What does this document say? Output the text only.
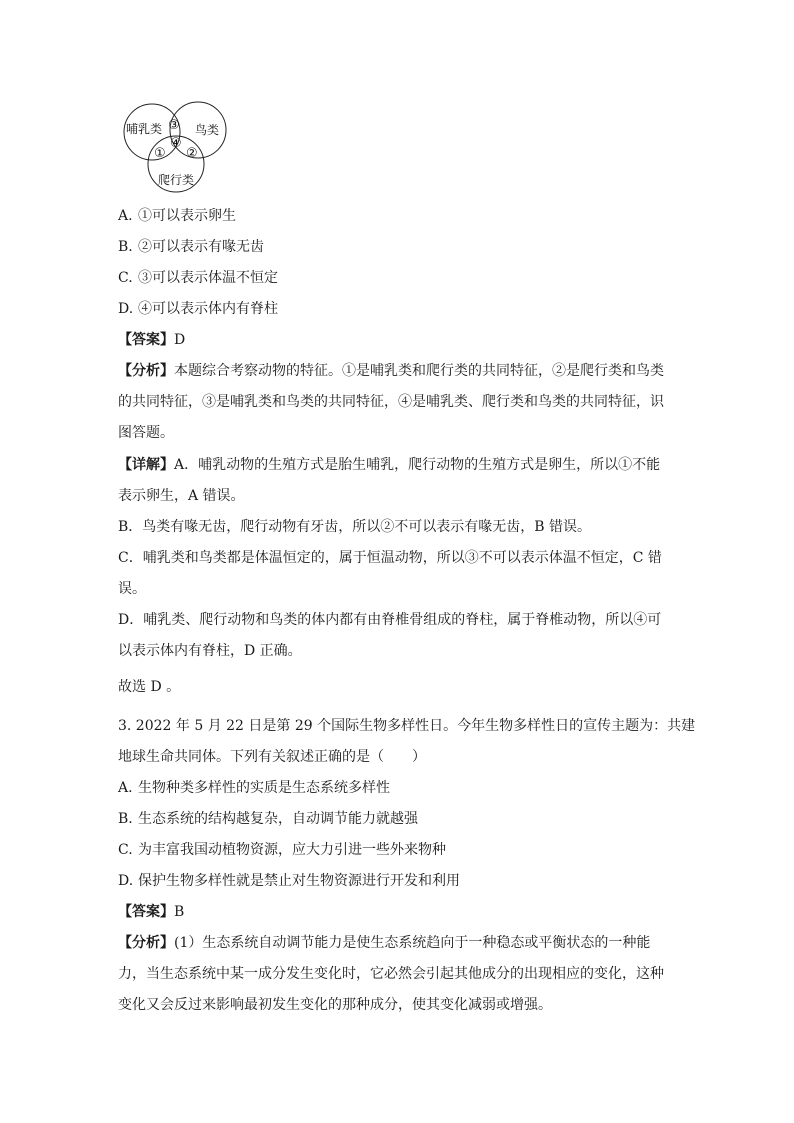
哺乳类	鸟类
爬行类
③
④
① ②
A. ①可以表示卵生
B. ②可以表示有喙无齿
C. ③可以表示体温不恒定
D. ④可以表示体内有脊柱
【答案】D
【分析】本题综合考察动物的特征。①是哺乳类和爬行类的共同特征，②是爬行类和鸟类
的共同特征，③是哺乳类和鸟类的共同特征，④是哺乳类、爬行类和鸟类的共同特征，识
图答题。
【详解】A．哺乳动物的生殖方式是胎生哺乳，爬行动物的生殖方式是卵生，所以①不能
表示卵生，A 错误。
B．鸟类有喙无齿，爬行动物有牙齿，所以②不可以表示有喙无齿，B 错误。
C．哺乳类和鸟类都是体温恒定的，属于恒温动物，所以③不可以表示体温不恒定，C 错
误。
D．哺乳类、爬行动物和鸟类的体内都有由脊椎骨组成的脊柱，属于脊椎动物，所以④可
以表示体内有脊柱，D 正确。
故选 D 。
3. 2022 年 5 月 22 日是第 29 个国际生物多样性日。今年生物多样性日的宣传主题为：共建
地球生命共同体。下列有关叙述正确的是（　　）
A. 生物种类多样性的实质是生态系统多样性
B. 生态系统的结构越复杂，自动调节能力就越强
C. 为丰富我国动植物资源，应大力引进一些外来物种
D. 保护生物多样性就是禁止对生物资源进行开发和利用
【答案】B
【分析】(1）生态系统自动调节能力是使生态系统趋向于一种稳态或平衡状态的一种能
力，当生态系统中某一成分发生变化时，它必然会引起其他成分的出现相应的变化，这种
变化又会反过来影响最初发生变化的那种成分，使其变化减弱或增强。
